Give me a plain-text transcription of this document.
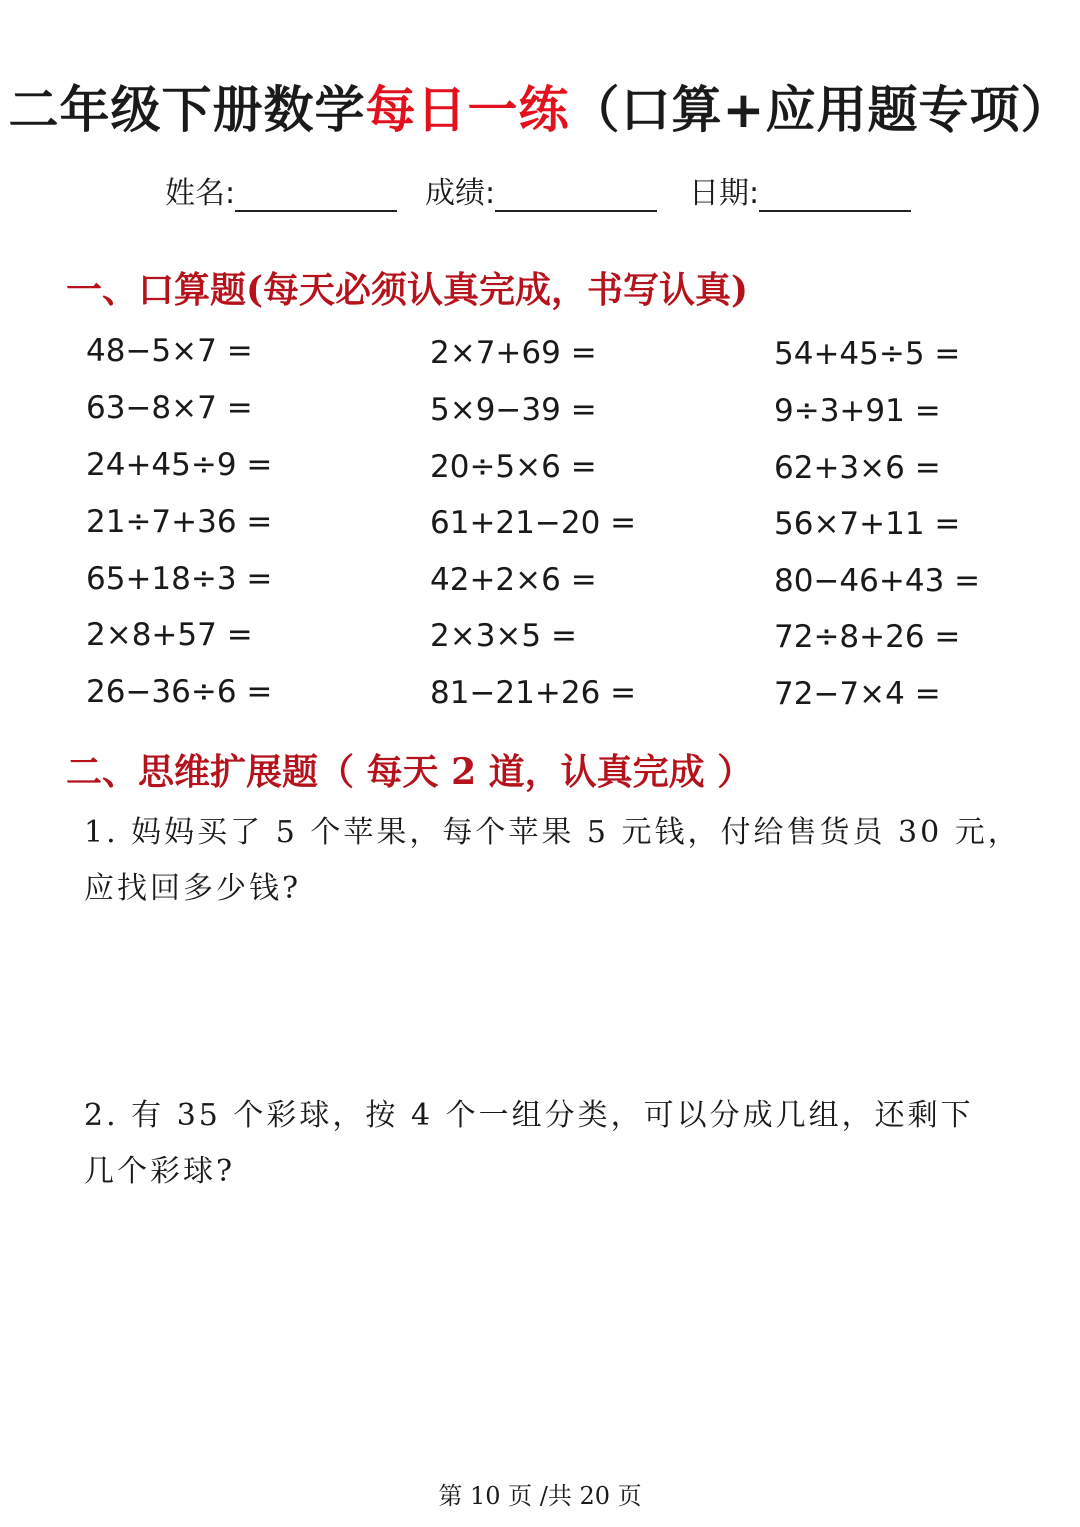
二年级下册数学每日一练（口算+应用题专项）
姓名:	成绩:	日期:
一、口算题(每天必须认真完成，书写认真)
48−5×7 =
63−8×7 =
24+45÷9 =
21÷7+36 =
65+18÷3 =
2×8+57 =
26−36÷6 =
2×7+69 =
5×9−39 =
20÷5×6 =
61+21−20 =
42+2×6 =
2×3×5 =
81−21+26 =
54+45÷5 =
9÷3+91 =
62+3×6 =
56×7+11 =
80−46+43 =
72÷8+26 =
72−7×4 =
二、思维扩展题（ 每天 2 道，认真完成 ）
1. 妈妈买了 5 个苹果，每个苹果 5 元钱，付给售货员 30 元，
应找回多少钱?
2. 有 35 个彩球，按 4 个一组分类，可以分成几组，还剩下
几个彩球?
第 10 页 /共 20 页
